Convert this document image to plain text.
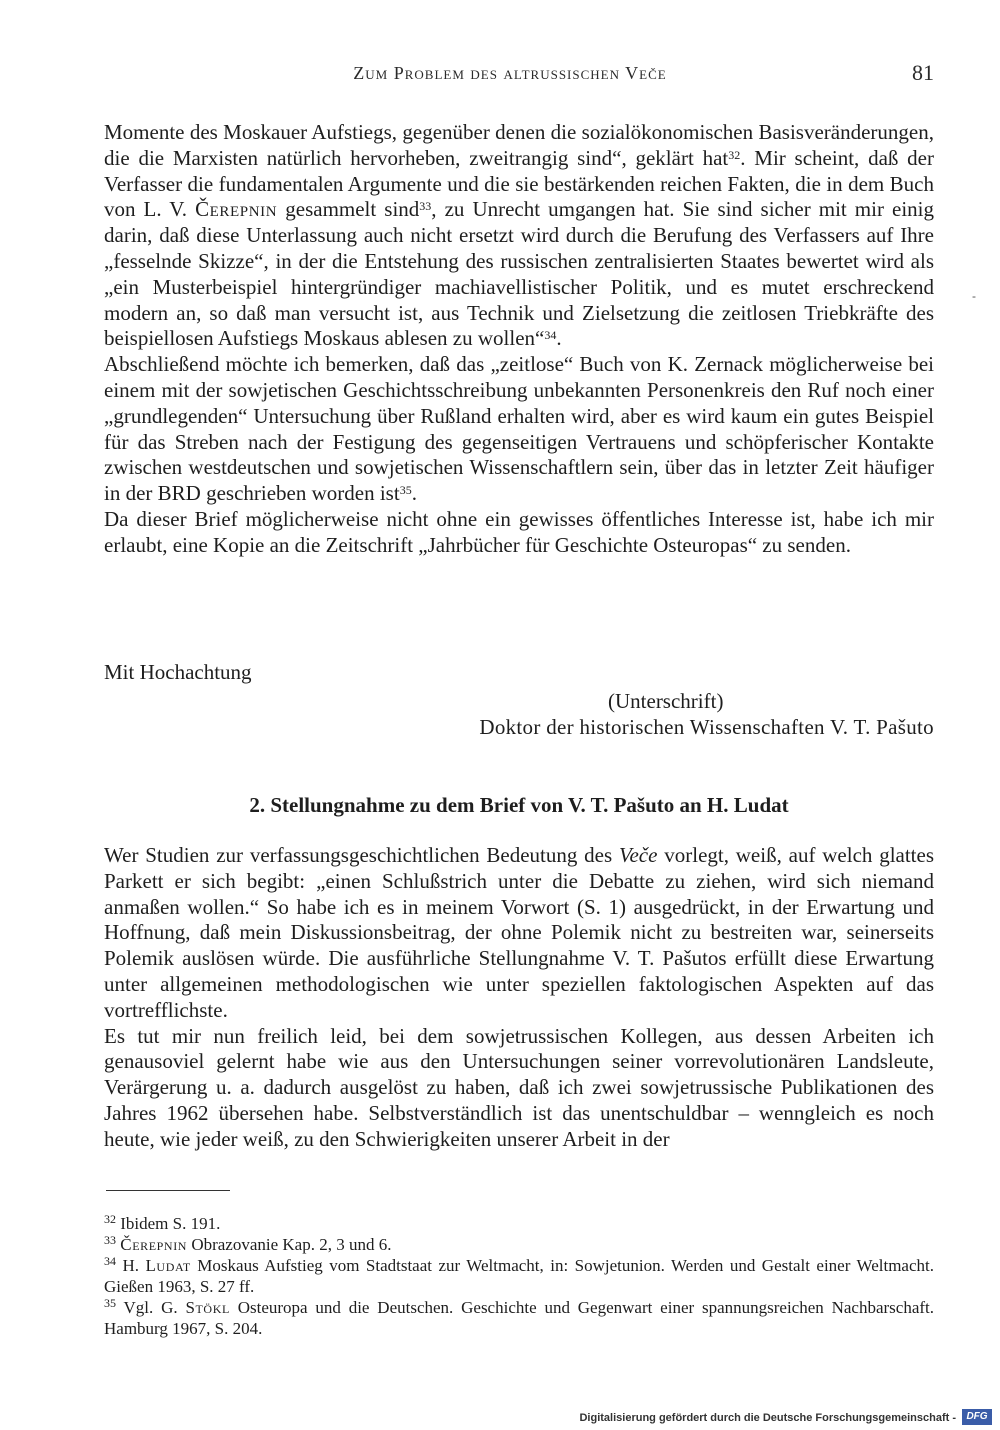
Zum Problem des altrussischen Veče	81

Momente des Moskauer Aufstiegs, gegenüber denen die sozialökonomischen Basisveränderungen, die die Marxisten natürlich hervorheben, zweitrangig sind“, geklärt hat$^{32}$. Mir scheint, daß der Verfasser die fundamentalen Argumente und die sie bestärkenden reichen Fakten, die in dem Buch von L. V. Čerepnin gesammelt sind$^{33}$, zu Unrecht umgangen hat. Sie sind sicher mit mir einig darin, daß diese Unterlassung auch nicht ersetzt wird durch die Berufung des Verfassers auf Ihre „fesselnde Skizze“, in der die Entstehung des russischen zentralisierten Staates bewertet wird als „ein Musterbeispiel hintergründiger machiavellistischer Politik, und es mutet erschreckend modern an, so daß man versucht ist, aus Technik und Zielsetzung die zeitlosen Triebkräfte des beispiellosen Aufstiegs Moskaus ablesen zu wollen“$^{34}$.

Abschließend möchte ich bemerken, daß das „zeitlose“ Buch von K. Zernack möglicherweise bei einem mit der sowjetischen Geschichtsschreibung unbekannten Personenkreis den Ruf noch einer „grundlegenden“ Untersuchung über Rußland erhalten wird, aber es wird kaum ein gutes Beispiel für das Streben nach der Festigung des gegenseitigen Vertrauens und schöpferischer Kontakte zwischen westdeutschen und sowjetischen Wissenschaftlern sein, über das in letzter Zeit häufiger in der BRD geschrieben worden ist$^{35}$.

Da dieser Brief möglicherweise nicht ohne ein gewisses öffentliches Interesse ist, habe ich mir erlaubt, eine Kopie an die Zeitschrift „Jahrbücher für Geschichte Osteuropas“ zu senden.

Mit Hochachtung
(Unterschrift)
Doktor der historischen Wissenschaften V. T. Pašuto
2. Stellungnahme zu dem Brief von V. T. Pašuto an H. Ludat

Wer Studien zur verfassungsgeschichtlichen Bedeutung des Veče vorlegt, weiß, auf welch glattes Parkett er sich begibt: „einen Schlußstrich unter die Debatte zu ziehen, wird sich niemand anmaßen wollen.“ So habe ich es in meinem Vorwort (S. 1) ausgedrückt, in der Erwartung und Hoffnung, daß mein Diskussionsbeitrag, der ohne Polemik nicht zu bestreiten war, seinerseits Polemik auslösen würde. Die ausführliche Stellungnahme V. T. Pašutos erfüllt diese Erwartung unter allgemeinen methodologischen wie unter speziellen faktologischen Aspekten auf das vortrefflichste.

Es tut mir nun freilich leid, bei dem sowjetrussischen Kollegen, aus dessen Arbeiten ich genausoviel gelernt habe wie aus den Untersuchungen seiner vorrevolutionären Landsleute, Verärgerung u. a. dadurch ausgelöst zu haben, daß ich zwei sowjetrussische Publikationen des Jahres 1962 übersehen habe. Selbstverständlich ist das unentschuldbar – wenngleich es noch heute, wie jeder weiß, zu den Schwierigkeiten unserer Arbeit in der

$^{32}$ Ibidem S. 191.

$^{33}$ Čerepnin Obrazovanie Kap. 2, 3 und 6.

$^{34}$ H. Ludat Moskaus Aufstieg vom Stadtstaat zur Weltmacht, in: Sowjetunion. Werden und Gestalt einer Weltmacht. Gießen 1963, S. 27 ff.

$^{35}$ Vgl. G. Stökl Osteuropa und die Deutschen. Geschichte und Gegenwart einer spannungsreichen Nachbarschaft. Hamburg 1967, S. 204.

-
Digitalisierung gefördert durch die Deutsche Forschungsgemeinschaft -	DFG
